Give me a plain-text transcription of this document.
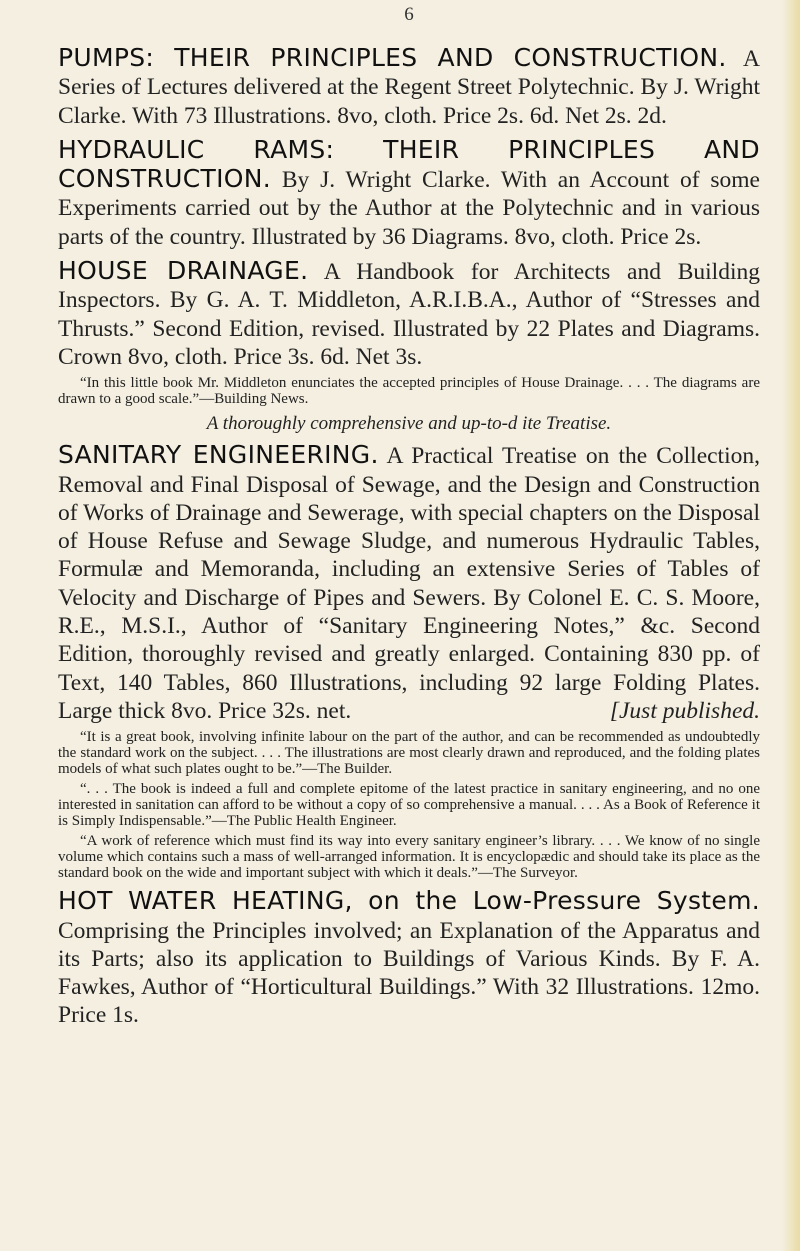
6

PUMPS: THEIR PRINCIPLES AND CONSTRUCTION. A Series of Lectures delivered at the Regent Street Polytechnic. By J. Wright Clarke. With 73 Illustrations. 8vo, cloth. Price 2s. 6d. Net 2s. 2d.

HYDRAULIC RAMS: THEIR PRINCIPLES AND CONSTRUCTION. By J. Wright Clarke. With an Account of some Experiments carried out by the Author at the Polytechnic and in various parts of the country. Illustrated by 36 Diagrams. 8vo, cloth. Price 2s.

HOUSE DRAINAGE. A Handbook for Architects and Building Inspectors. By G. A. T. Middleton, A.R.I.B.A., Author of “Stresses and Thrusts.” Second Edition, revised. Illustrated by 22 Plates and Diagrams. Crown 8vo, cloth. Price 3s. 6d. Net 3s.

“In this little book Mr. Middleton enunciates the accepted principles of House Drainage. . . . The diagrams are drawn to a good scale.”—Building News.

A thoroughly comprehensive and up-to-d ite Treatise.

SANITARY ENGINEERING. A Practical Treatise on the Collection, Removal and Final Disposal of Sewage, and the Design and Construction of Works of Drainage and Sewerage, with special chapters on the Disposal of House Refuse and Sewage Sludge, and numerous Hydraulic Tables, Formulæ and Memoranda, including an extensive Series of Tables of Velocity and Discharge of Pipes and Sewers. By Colonel E. C. S. Moore, R.E., M.S.I., Author of “Sanitary Engineering Notes,” &c. Second Edition, thoroughly revised and greatly enlarged. Containing 830 pp. of Text, 140 Tables, 860 Illustrations, including 92 large Folding Plates. Large thick 8vo. Price 32s. net.	[Just published.

“It is a great book, involving infinite labour on the part of the author, and can be recommended as undoubtedly the standard work on the subject. . . . The illustrations are most clearly drawn and reproduced, and the folding plates models of what such plates ought to be.”—The Builder.

“. . . The book is indeed a full and complete epitome of the latest practice in sanitary engineering, and no one interested in sanitation can afford to be without a copy of so comprehensive a manual. . . . As a Book of Reference it is Simply Indispensable.”—The Public Health Engineer.

“A work of reference which must find its way into every sanitary engineer’s library. . . . We know of no single volume which contains such a mass of well-arranged information. It is encyclopædic and should take its place as the standard book on the wide and important subject with which it deals.”—The Surveyor.

HOT WATER HEATING, on the Low-Pressure System. Comprising the Principles involved; an Explanation of the Apparatus and its Parts; also its application to Buildings of Various Kinds. By F. A. Fawkes, Author of “Horticultural Buildings.” With 32 Illustrations. 12mo. Price 1s.
